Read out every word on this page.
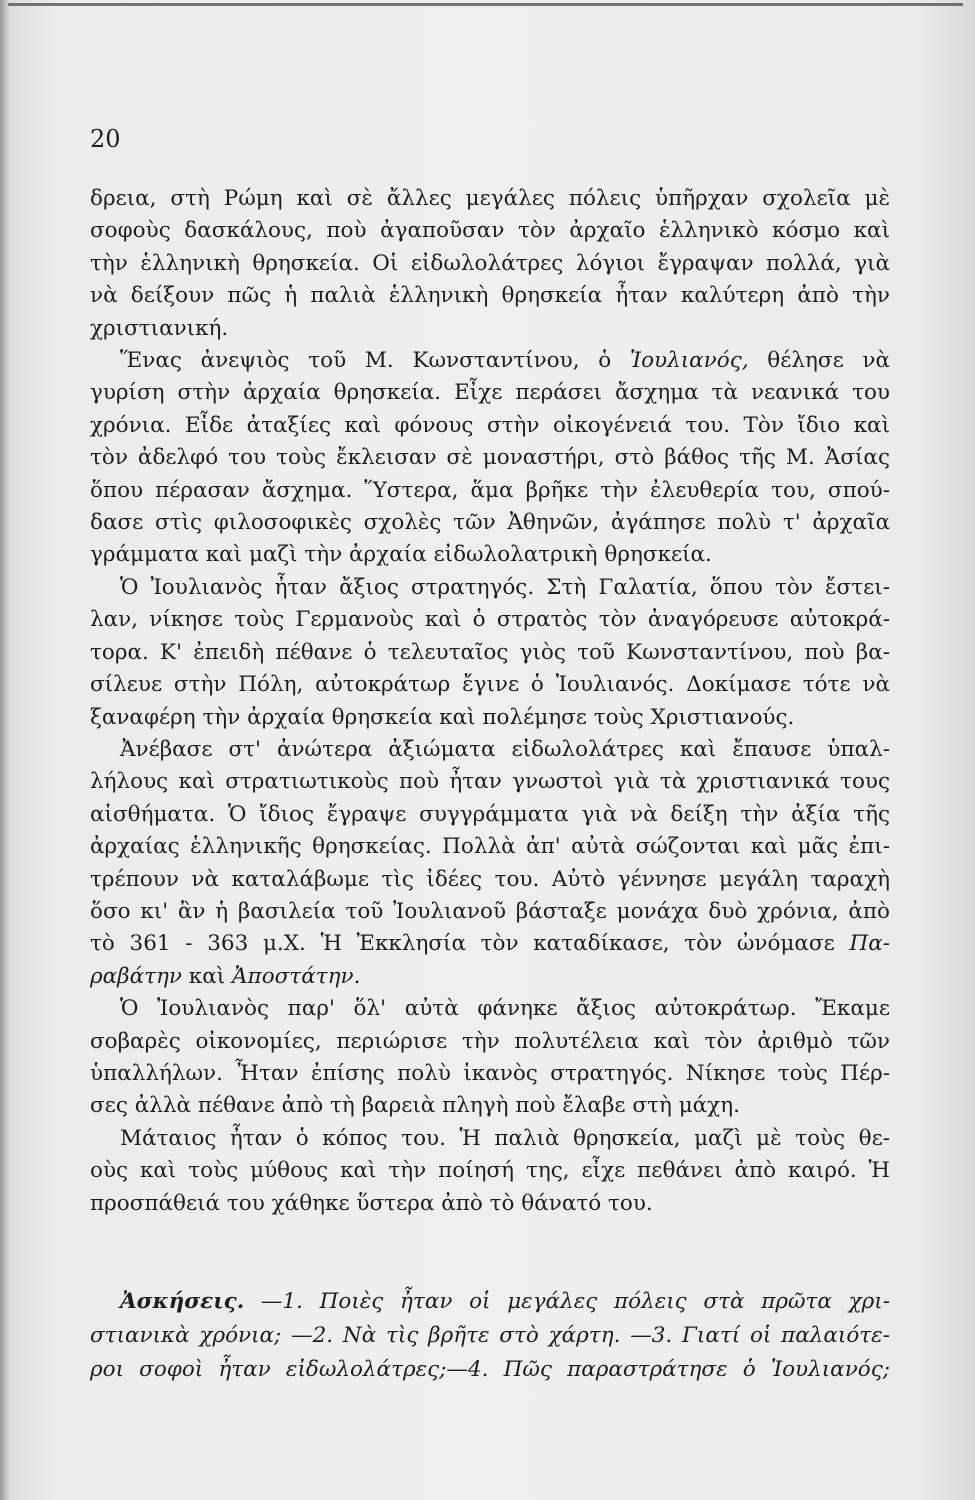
20
δρεια, στὴ Ρώμη καὶ σὲ ἄλλες μεγάλες πόλεις ὑπῆρχαν σχολεῖα μὲ
σοφοὺς δασκάλους, ποὺ ἀγαποῦσαν τὸν ἀρχαῖο ἑλληνικὸ κόσμο καὶ
τὴν ἑλληνικὴ θρησκεία. Οἱ εἰδωλολάτρες λόγιοι ἔγραψαν πολλά, γιὰ
νὰ δείξουν πῶς ἡ παλιὰ ἑλληνικὴ θρησκεία ἦταν καλύτερη ἀπὸ τὴν
χριστιανική.
Ἕνας ἀνεψιὸς τοῦ Μ. Κωνσταντίνου, ὁ Ἰουλιανός, θέλησε νὰ
γυρίση στὴν ἀρχαία θρησκεία. Εἶχε περάσει ἄσχημα τὰ νεανικά του
χρόνια. Εἶδε ἀταξίες καὶ φόνους στὴν οἰκογένειά του. Τὸν ἴδιο καὶ
τὸν ἀδελφό του τοὺς ἔκλεισαν σὲ μοναστήρι, στὸ βάθος τῆς Μ. Ἀσίας
ὅπου πέρασαν ἄσχημα. Ὕστερα, ἅμα βρῆκε τὴν ἐλευθερία του, σπού-
δασε στὶς φιλοσοφικὲς σχολὲς τῶν Ἀθηνῶν, ἀγάπησε πολὺ τ' ἀρχαῖα
γράμματα καὶ μαζὶ τὴν ἀρχαία εἰδωλολατρικὴ θρησκεία.
Ὁ Ἰουλιανὸς ἦταν ἄξιος στρατηγός. Στὴ Γαλατία, ὅπου τὸν ἔστει-
λαν, νίκησε τοὺς Γερμανοὺς καὶ ὁ στρατὸς τὸν ἀναγόρευσε αὐτοκρά-
τορα. Κ' ἐπειδὴ πέθανε ὁ τελευταῖος γιὸς τοῦ Κωνσταντίνου, ποὺ βα-
σίλευε στὴν Πόλη, αὐτοκράτωρ ἔγινε ὁ Ἰουλιανός. Δοκίμασε τότε νὰ
ξαναφέρη τὴν ἀρχαία θρησκεία καὶ πολέμησε τοὺς Χριστιανούς.
Ἀνέβασε στ' ἀνώτερα ἀξιώματα εἰδωλολάτρες καὶ ἔπαυσε ὑπαλ-
λήλους καὶ στρατιωτικοὺς ποὺ ἦταν γνωστοὶ γιὰ τὰ χριστιανικά τους
αἰσθήματα. Ὁ ἴδιος ἔγραψε συγγράμματα γιὰ νὰ δείξη τὴν ἀξία τῆς
ἀρχαίας ἑλληνικῆς θρησκείας. Πολλὰ ἀπ' αὐτὰ σώζονται καὶ μᾶς ἐπι-
τρέπουν νὰ καταλάβωμε τὶς ἰδέες του. Αὐτὸ γέννησε μεγάλη ταραχὴ
ὅσο κι' ἂν ἡ βασιλεία τοῦ Ἰουλιανοῦ βάσταξε μονάχα δυὸ χρόνια, ἀπὸ
τὸ 361 - 363 μ.Χ. Ἡ Ἐκκλησία τὸν καταδίκασε, τὸν ὠνόμασε Πα-
ραβάτην καὶ Ἀποστάτην.
Ὁ Ἰουλιανὸς παρ' ὅλ' αὐτὰ φάνηκε ἄξιος αὐτοκράτωρ. Ἔκαμε
σοβαρὲς οἰκονομίες, περιώρισε τὴν πολυτέλεια καὶ τὸν ἀριθμὸ τῶν
ὑπαλλήλων. Ἦταν ἐπίσης πολὺ ἱκανὸς στρατηγός. Νίκησε τοὺς Πέρ-
σες ἀλλὰ πέθανε ἀπὸ τὴ βαρειὰ πληγὴ ποὺ ἔλαβε στὴ μάχη.
Μάταιος ἦταν ὁ κόπος του. Ἡ παλιὰ θρησκεία, μαζὶ μὲ τοὺς θε-
οὺς καὶ τοὺς μύθους καὶ τὴν ποίησή της, εἶχε πεθάνει ἀπὸ καιρό. Ἡ
προσπάθειά του χάθηκε ὕστερα ἀπὸ τὸ θάνατό του.
Ἀσκήσεις. —1. Ποιὲς ἦταν οἱ μεγάλες πόλεις στὰ πρῶτα χρι-
στιανικὰ χρόνια; —2. Νὰ τὶς βρῆτε στὸ χάρτη. —3. Γιατί οἱ παλαιότε-
ροι σοφοὶ ἦταν εἰδωλολάτρες;—4. Πῶς παραστράτησε ὁ Ἰουλιανός;
